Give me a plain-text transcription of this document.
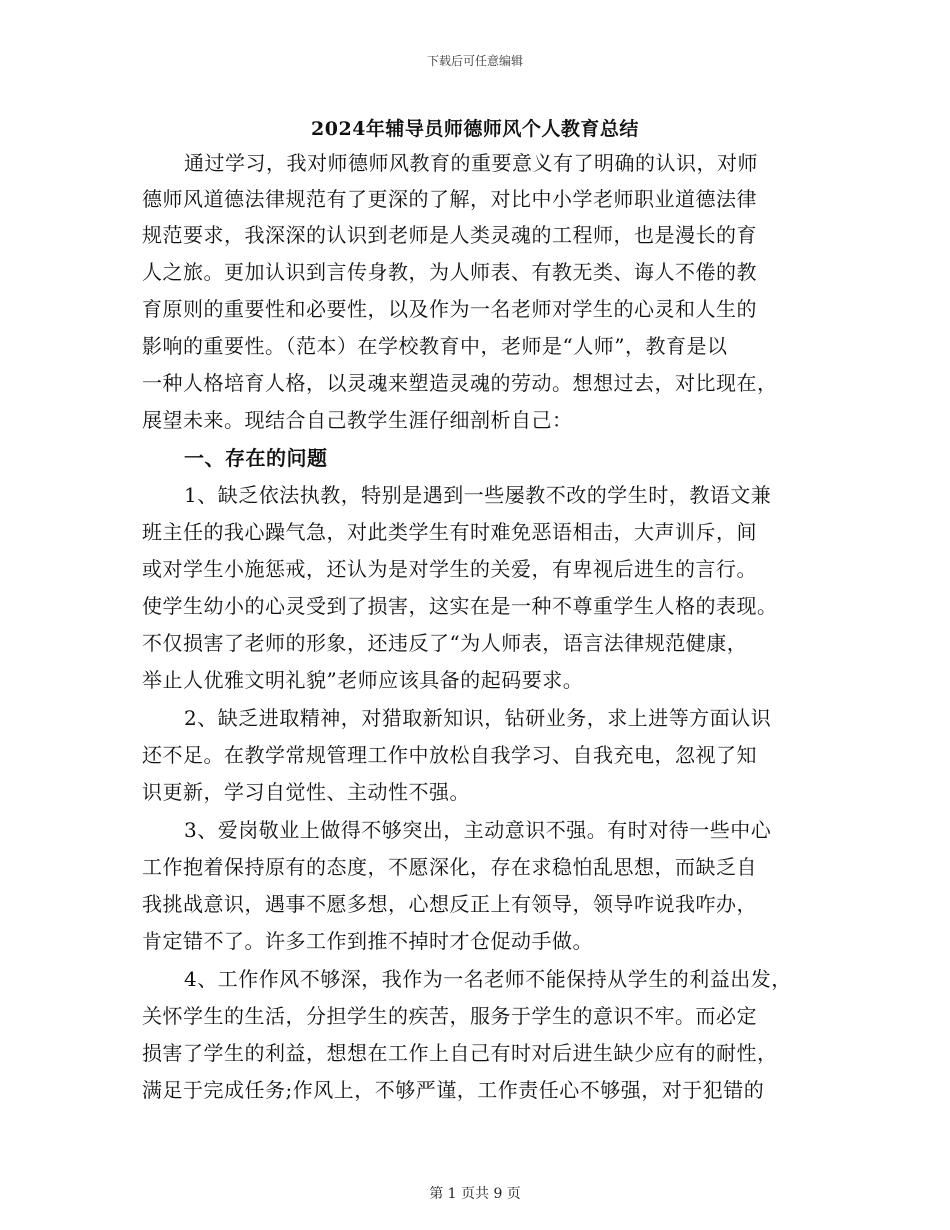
下载后可任意编辑
2024年辅导员师德师风个人教育总结
通过学习，我对师德师风教育的重要意义有了明确的认识，对师
德师风道德法律规范有了更深的了解，对比中小学老师职业道德法律
规范要求，我深深的认识到老师是人类灵魂的工程师，也是漫长的育
人之旅。更加认识到言传身教，为人师表、有教无类、诲人不倦的教
育原则的重要性和必要性，以及作为一名老师对学生的心灵和人生的
影响的重要性。（范本）在学校教育中，老师是“人师”，教育是以
一种人格培育人格，以灵魂来塑造灵魂的劳动。想想过去，对比现在，
展望未来。现结合自己教学生涯仔细剖析自己：
一、存在的问题
1、缺乏依法执教，特别是遇到一些屡教不改的学生时，教语文兼
班主任的我心躁气急，对此类学生有时难免恶语相击，大声训斥，间
或对学生小施惩戒，还认为是对学生的关爱，有卑视后进生的言行。
使学生幼小的心灵受到了损害，这实在是一种不尊重学生人格的表现。
不仅损害了老师的形象，还违反了“为人师表，语言法律规范健康，
举止人优雅文明礼貌”老师应该具备的起码要求。
2、缺乏进取精神，对猎取新知识，钻研业务，求上进等方面认识
还不足。在教学常规管理工作中放松自我学习、自我充电，忽视了知
识更新，学习自觉性、主动性不强。
3、爱岗敬业上做得不够突出，主动意识不强。有时对待一些中心
工作抱着保持原有的态度，不愿深化，存在求稳怕乱思想，而缺乏自
我挑战意识，遇事不愿多想，心想反正上有领导，领导咋说我咋办，
肯定错不了。许多工作到推不掉时才仓促动手做。
4、工作作风不够深，我作为一名老师不能保持从学生的利益出发，
关怀学生的生活，分担学生的疾苦，服务于学生的意识不牢。而必定
损害了学生的利益，想想在工作上自己有时对后进生缺少应有的耐性，
满足于完成任务;作风上，不够严谨，工作责任心不够强，对于犯错的
第 1 页共 9 页
